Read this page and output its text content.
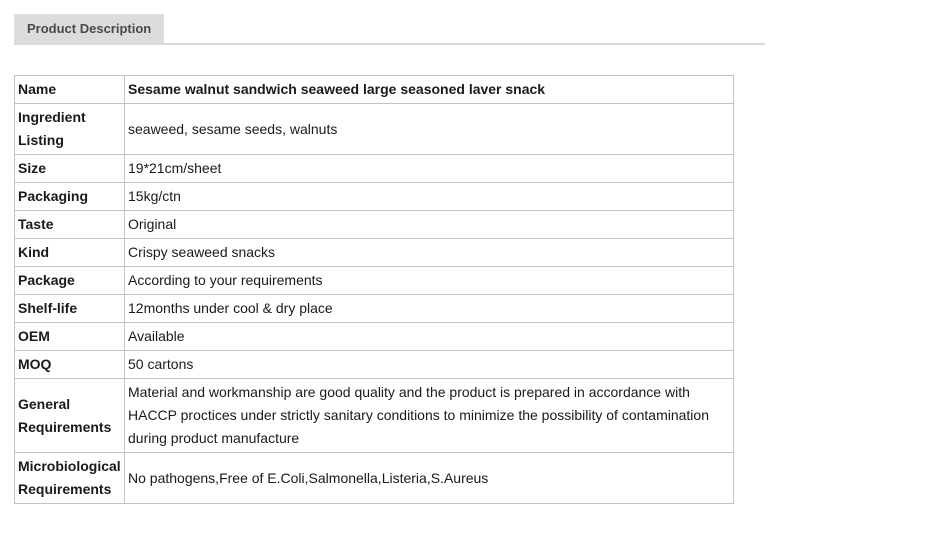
Product Description
Name	Sesame walnut sandwich seaweed large seasoned laver snack
Ingredient Listing	seaweed, sesame seeds, walnuts
Size	19*21cm/sheet
Packaging	15kg/ctn
Taste	Original
Kind	Crispy seaweed snacks
Package	According to your requirements
Shelf-life	12months under cool & dry place
OEM	Available
MOQ	50 cartons
General Requirements	Material and workmanship are good quality and the product is prepared in accordance with HACCP proctices under strictly sanitary conditions to minimize the possibility of contamination during product manufacture
Microbiological Requirements	No pathogens,Free of E.Coli,Salmonella,Listeria,S.Aureus
